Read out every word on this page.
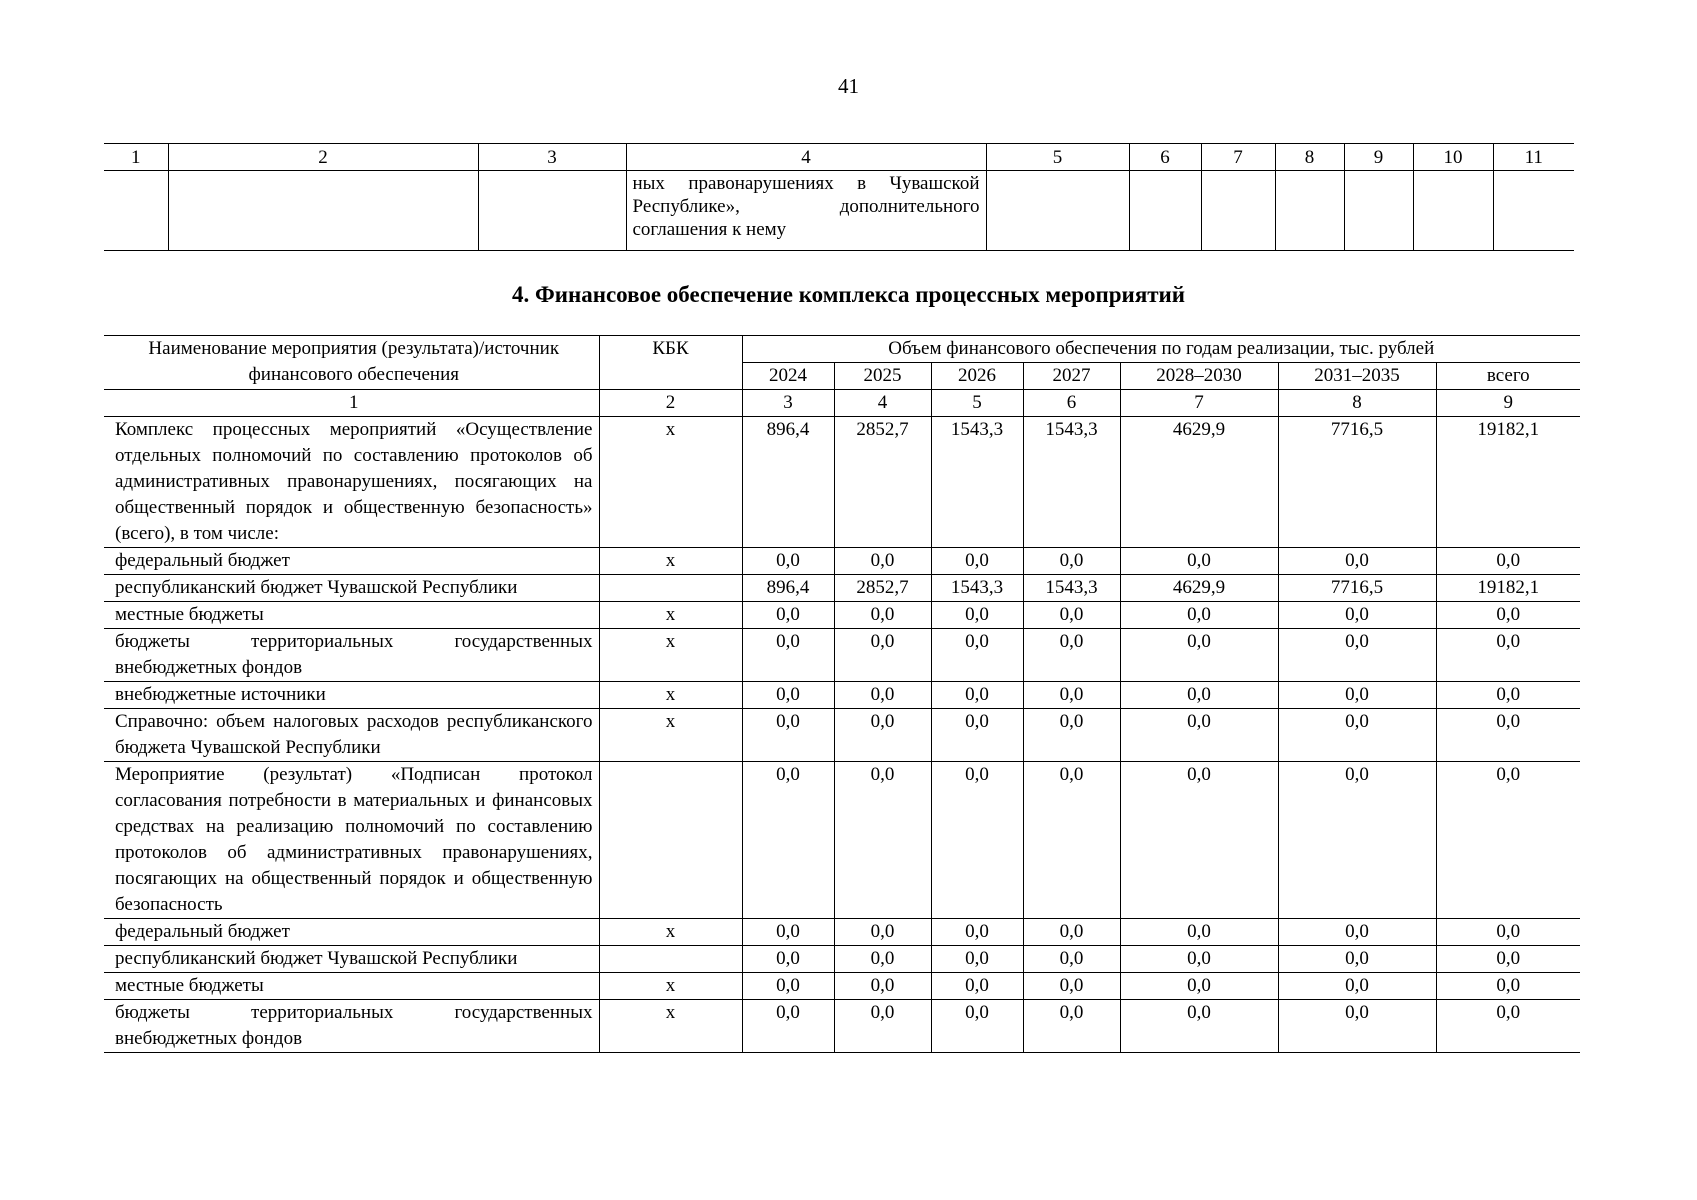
41
1	2	3	4	5	6	7	8	9	10	11
			ных правонарушениях в Чувашской Республике», дополнительного соглашения к нему							
4. Финансовое обеспечение комплекса процессных мероприятий
Наименование мероприятия (результата)/источник финансового обеспечения	КБК	Объем финансового обеспечения по годам реализации, тыс. рублей						
		2024	2025	2026	2027	2028–2030	2031–2035	всего
1	2	3	4	5	6	7	8	9
Комплекс процессных мероприятий «Осуществление отдельных полномочий по составлению протоколов об административных правонарушениях, посягающих на общественный порядок и общественную безопасность» (всего), в том числе:	х	896,4	2852,7	1543,3	1543,3	4629,9	7716,5	19182,1
федеральный бюджет	х	0,0	0,0	0,0	0,0	0,0	0,0	0,0
республиканский бюджет Чувашской Республики		896,4	2852,7	1543,3	1543,3	4629,9	7716,5	19182,1
местные бюджеты	х	0,0	0,0	0,0	0,0	0,0	0,0	0,0
бюджеты территориальных государственных внебюджетных фондов	х	0,0	0,0	0,0	0,0	0,0	0,0	0,0
внебюджетные источники	х	0,0	0,0	0,0	0,0	0,0	0,0	0,0
Справочно: объем налоговых расходов республиканского бюджета Чувашской Республики	х	0,0	0,0	0,0	0,0	0,0	0,0	0,0
Мероприятие (результат) «Подписан протокол согласования потребности в материальных и финансовых средствах на реализацию полномочий по составлению протоколов об административных правонарушениях, посягающих на общественный порядок и общественную безопасность		0,0	0,0	0,0	0,0	0,0	0,0	0,0
федеральный бюджет	х	0,0	0,0	0,0	0,0	0,0	0,0	0,0
республиканский бюджет Чувашской Республики		0,0	0,0	0,0	0,0	0,0	0,0	0,0
местные бюджеты	х	0,0	0,0	0,0	0,0	0,0	0,0	0,0
бюджеты территориальных государственных внебюджетных фондов	х	0,0	0,0	0,0	0,0	0,0	0,0	0,0
